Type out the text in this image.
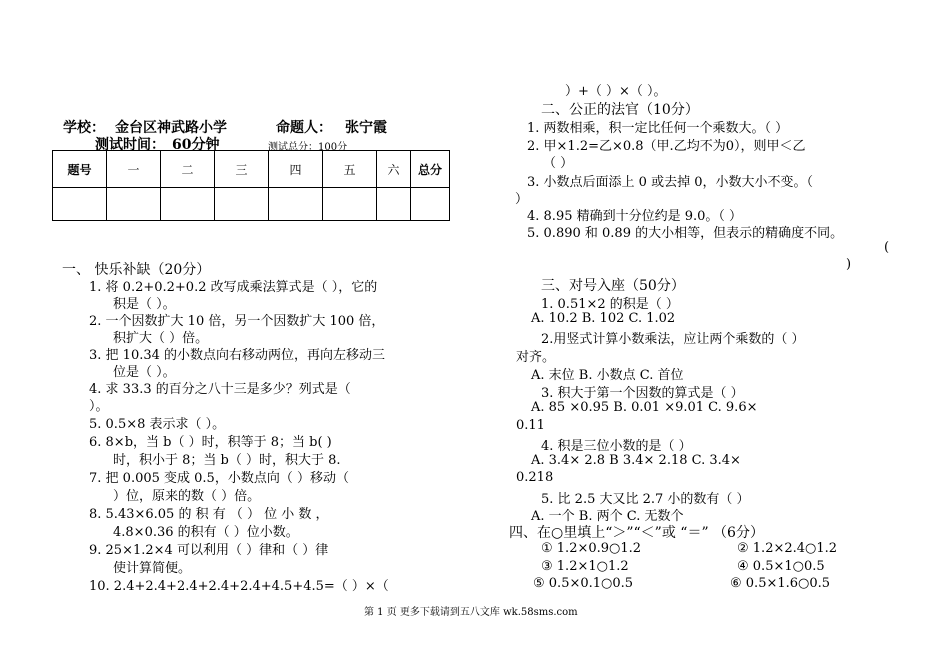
学校： 金台区神武路小学	命题人： 张宁霞
测试时间： 60分钟	测试总分：100分
题号	一	二	三	四	五	六	总分

一、 快乐补缺（20分）
1. 将 0.2+0.2+0.2 改写成乘法算式是（ ），它的
积是（ ）。
2. 一个因数扩大 10 倍，另一个因数扩大 100 倍，
积扩大（ ）倍。
3. 把 10.34 的小数点向右移动两位，再向左移动三
位是（ ）。
4. 求 33.3 的百分之八十三是多少？列式是（
）。
5. 0.5×8 表示求（ ）。
6. 8×b，当 b（ ）时，积等于 8；当 b( )
时，积小于 8；当 b（ ）时，积大于 8.
7. 把 0.005 变成 0.5，小数点向（ ）移动（
）位，原来的数（ ）倍。
8. 5.43×6.05 的 积 有 （ ） 位 小 数 ，
4.8×0.36 的积有（ ）位小数。
9. 25×1.2×4 可以利用（ ）律和（ ）律
使计算简便。
10. 2.4+2.4+2.4+2.4+2.4+4.5+4.5=（ ）×（
）+（ ）×（ ）。
二、公正的法官（10分）
1. 两数相乘，积一定比任何一个乘数大。（ ）
2. 甲×1.2=乙×0.8（甲.乙均不为0），则甲＜乙
（ ）
3. 小数点后面添上 0 或去掉 0，小数大小不变。（
）
4. 8.95 精确到十分位约是 9.0。（ ）
5. 0.890 和 0.89 的大小相等，但表示的精确度不同。
(
)
三、对号入座（50分）
1. 0.51×2 的积是（ ）
A. 10.2 B. 102 C. 1.02
2.用竖式计算小数乘法，应让两个乘数的（ ）
对齐。
A. 末位 B. 小数点 C. 首位
3. 积大于第一个因数的算式是（ ）
A. 85 ×0.95 B. 0.01 ×9.01 C. 9.6×
0.11
4. 积是三位小数的是（ ）
A. 3.4× 2.8 B 3.4× 2.18 C. 3.4×
0.218
5. 比 2.5 大又比 2.7 小的数有（ ）
A. 一个 B. 两个 C. 无数个
四、在○里填上“＞”“＜”或 “＝” （6分）
① 1.2×0.9○1.2	② 1.2×2.4○1.2
③ 1.2×1○1.2	④ 0.5×1○0.5
⑤ 0.5×0.1○0.5	⑥ 0.5×1.6○0.5
第 1 页 更多下载请到五八文库 wk.58sms.com
